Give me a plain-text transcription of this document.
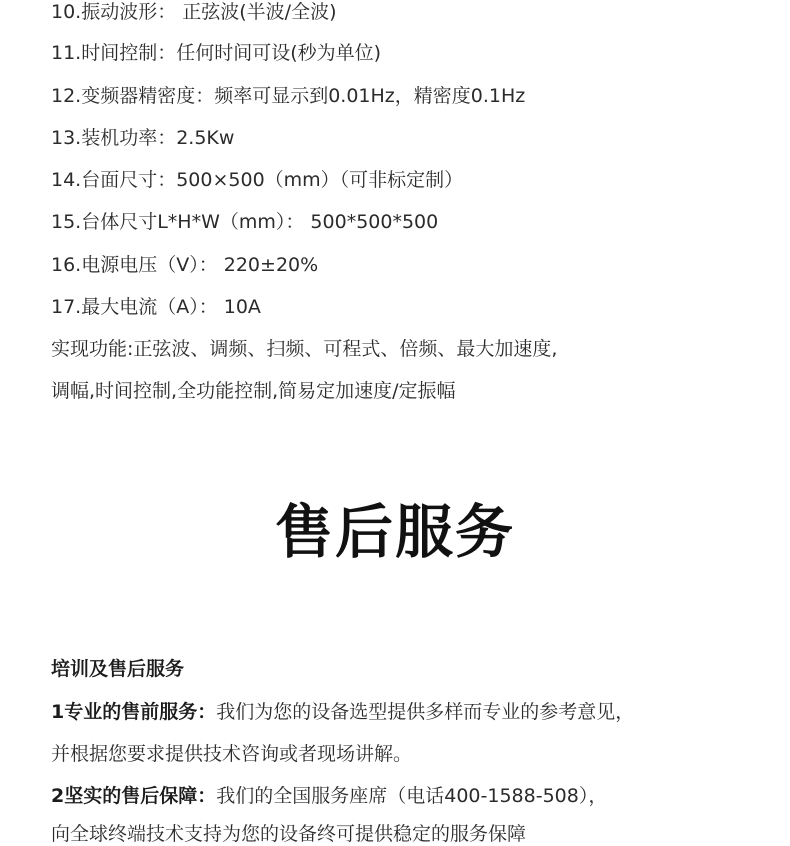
10.振动波形： 正弦波(半波/全波)
11.时间控制：任何时间可设(秒为单位)
12.变频器精密度：频率可显示到0.01Hz，精密度0.1Hz
13.装机功率：2.5Kw
14.台面尺寸：500×500（mm）（可非标定制）
15.台体尺寸L*H*W（mm）： 500*500*500
16.电源电压（V）： 220±20%
17.最大电流（A）： 10A
实现功能:正弦波、调频、扫频、可程式、倍频、最大加速度,
调幅,时间控制,全功能控制,简易定加速度/定振幅
售后服务
培训及售后服务
1专业的售前服务：我们为您的设备选型提供多样而专业的参考意见，
并根据您要求提供技术咨询或者现场讲解。
2坚实的售后保障：我们的全国服务座席（电话400-1588-508），
向全球终端技术支持为您的设备终可提供稳定的服务保障
